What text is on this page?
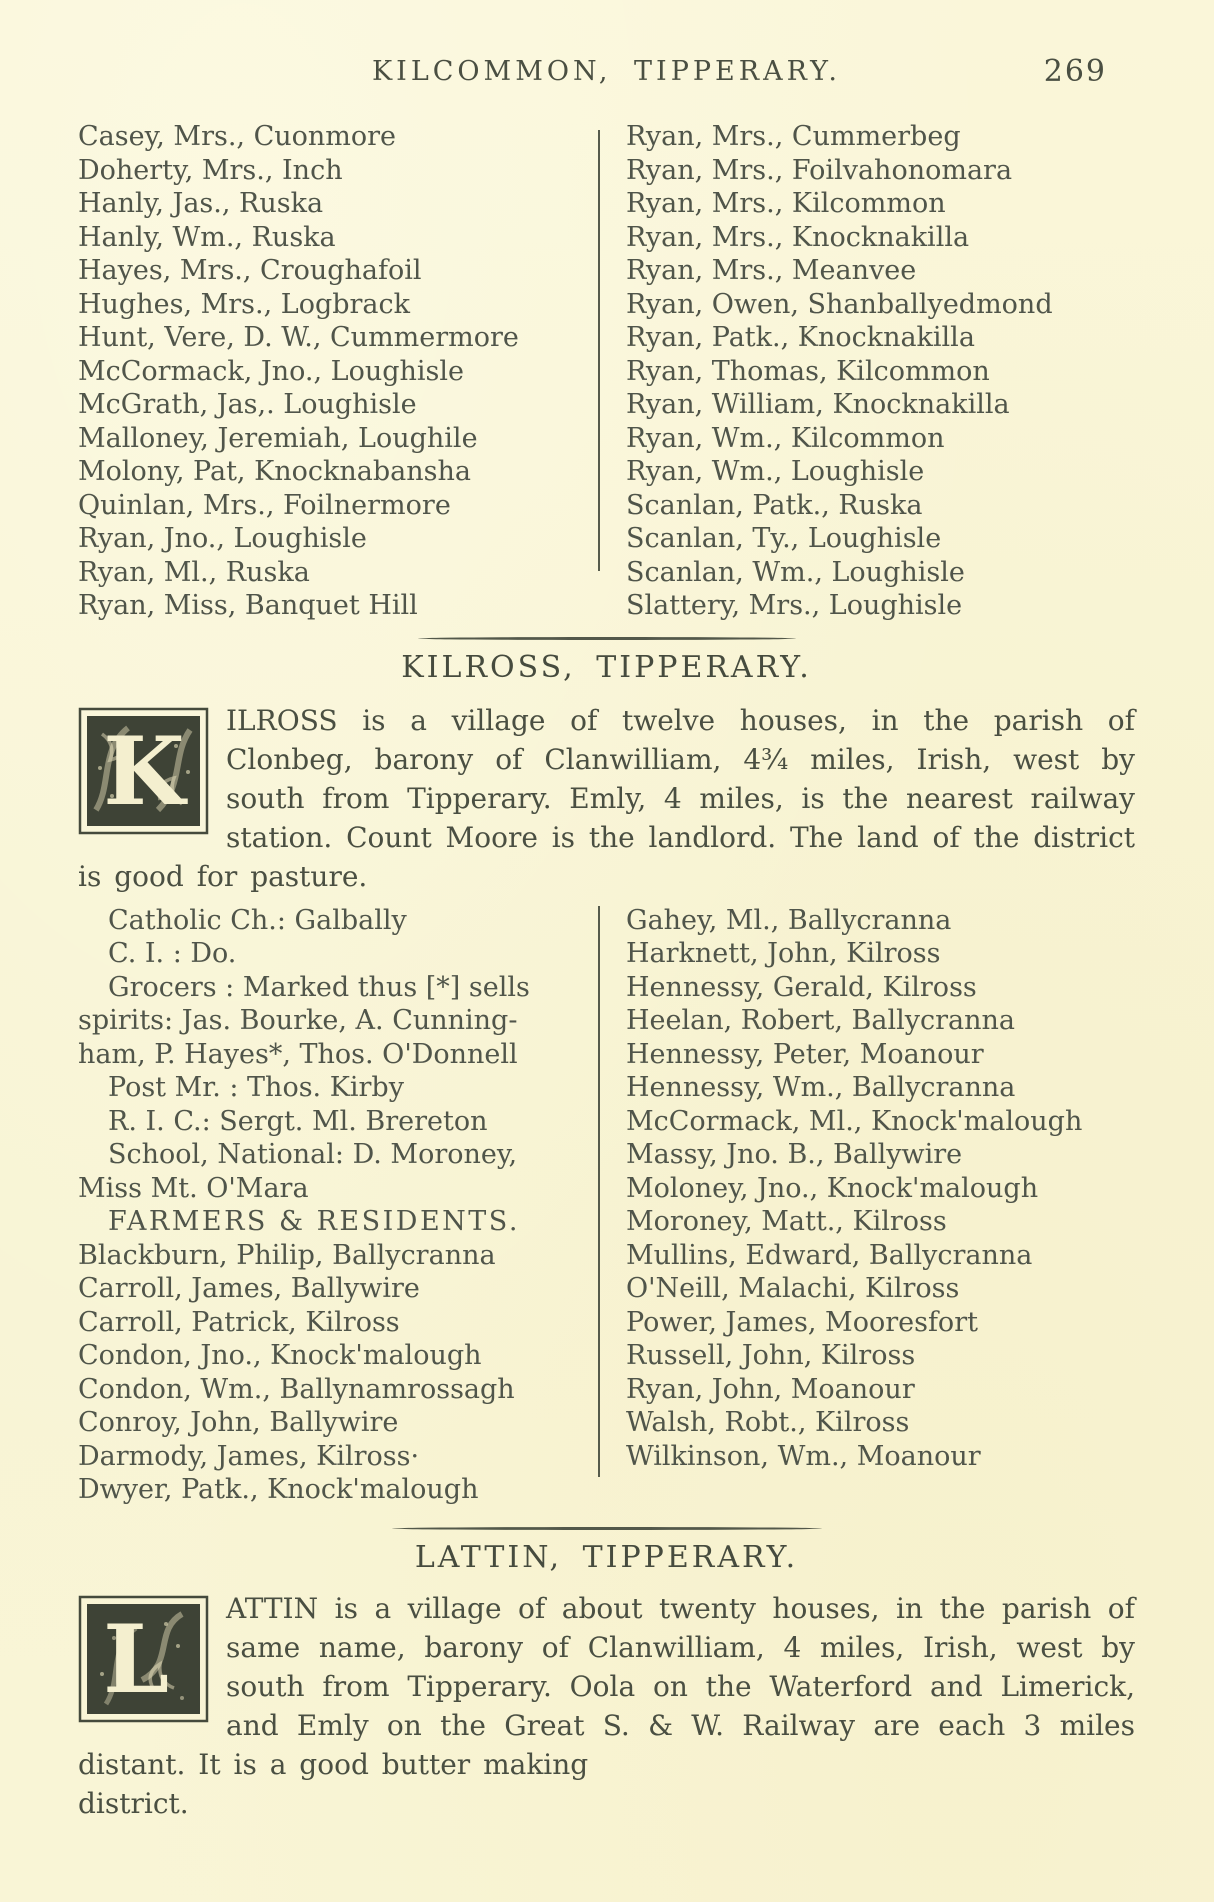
KILCOMMON, TIPPERARY.	269
Casey, Mrs., Cuonmore
Doherty, Mrs., Inch
Hanly, Jas., Ruska
Hanly, Wm., Ruska
Hayes, Mrs., Croughafoil
Hughes, Mrs., Logbrack
Hunt, Vere, D. W., Cummermore
McCormack, Jno., Loughisle
McGrath, Jas,. Loughisle
Malloney, Jeremiah, Loughile
Molony, Pat, Knocknabansha
Quinlan, Mrs., Foilnermore
Ryan, Jno., Loughisle
Ryan, Ml., Ruska
Ryan, Miss, Banquet Hill
Ryan, Mrs., Cummerbeg
Ryan, Mrs., Foilvahonomara
Ryan, Mrs., Kilcommon
Ryan, Mrs., Knocknakilla
Ryan, Mrs., Meanvee
Ryan, Owen, Shanballyedmond
Ryan, Patk., Knocknakilla
Ryan, Thomas, Kilcommon
Ryan, William, Knocknakilla
Ryan, Wm., Kilcommon
Ryan, Wm., Loughisle
Scanlan, Patk., Ruska
Scanlan, Ty., Loughisle
Scanlan, Wm., Loughisle
Slattery, Mrs., Loughisle
KILROSS, TIPPERARY.
K ILROSS is a village of twelve houses, in the parish of Clonbeg, barony of Clanwilliam, 4¾ miles, Irish, west by south from Tipperary. Emly, 4 miles, is the nearest railway station. Count Moore is the landlord. The land of the district is good for pasture.
Catholic Ch.: Galbally
C. I. : Do.
Grocers : Marked thus [*] sells
spirits: Jas. Bourke, A. Cunning-
ham, P. Hayes*, Thos. O'Donnell
Post Mr. : Thos. Kirby
R. I. C.: Sergt. Ml. Brereton
School, National: D. Moroney,
Miss Mt. O'Mara
FARMERS & RESIDENTS.
Blackburn, Philip, Ballycranna
Carroll, James, Ballywire
Carroll, Patrick, Kilross
Condon, Jno., Knock'malough
Condon, Wm., Ballynamrossagh
Conroy, John, Ballywire
Darmody, James, Kilross·
Dwyer, Patk., Knock'malough
Gahey, Ml., Ballycranna
Harknett, John, Kilross
Hennessy, Gerald, Kilross
Heelan, Robert, Ballycranna
Hennessy, Peter, Moanour
Hennessy, Wm., Ballycranna
McCormack, Ml., Knock'malough
Massy, Jno. B., Ballywire
Moloney, Jno., Knock'malough
Moroney, Matt., Kilross
Mullins, Edward, Ballycranna
O'Neill, Malachi, Kilross
Power, James, Mooresfort
Russell, John, Kilross
Ryan, John, Moanour
Walsh, Robt., Kilross
Wilkinson, Wm., Moanour
LATTIN, TIPPERARY.
L ATTIN is a village of about twenty houses, in the parish of same name, barony of Clanwilliam, 4 miles, Irish, west by south from Tipperary. Oola on the Waterford and Limerick, and Emly on the Great S. & W. Railway are each 3 miles distant. It is a good butter making
district.
